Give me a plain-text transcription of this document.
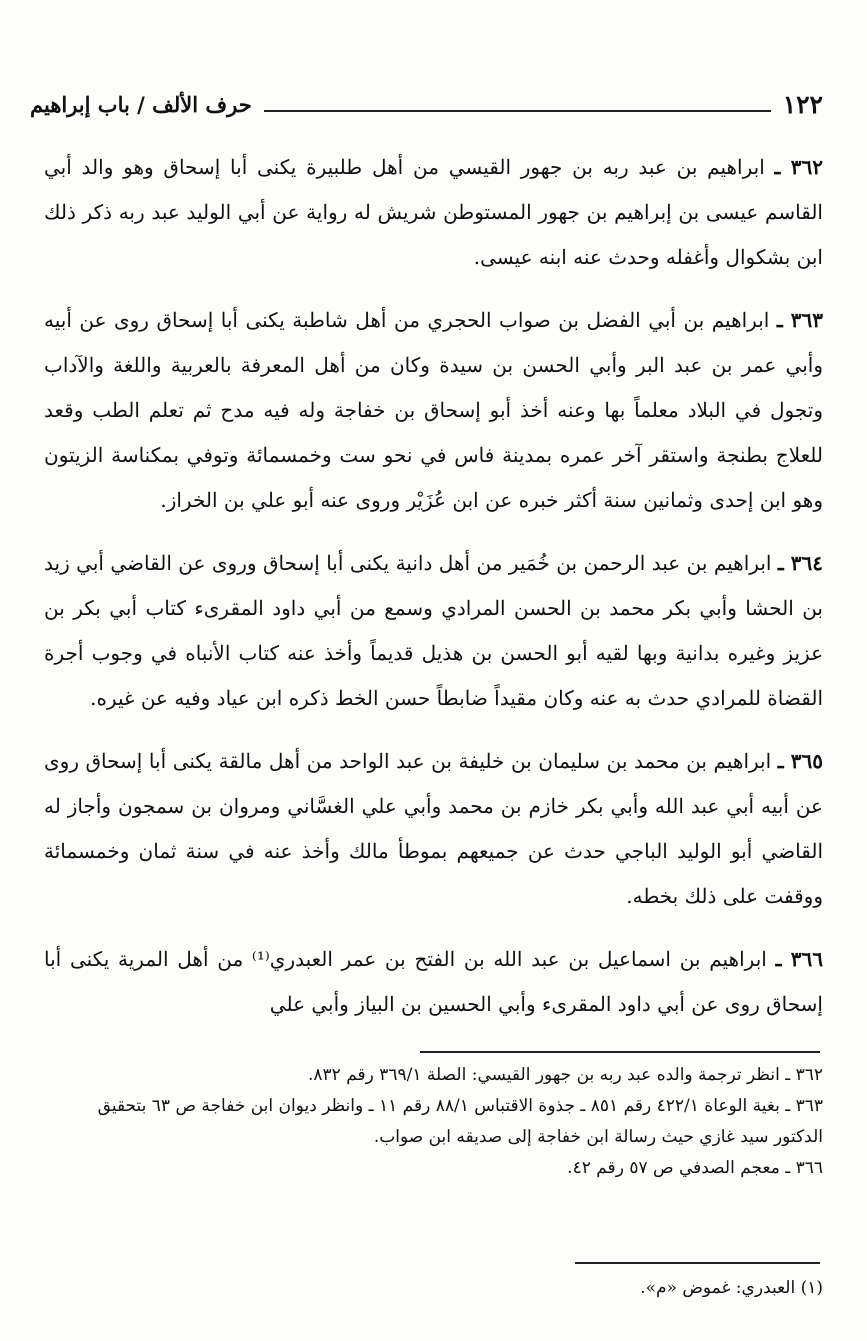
١٢٢
حرف الألف / باب إبراهيم

٣٦٢ ـ ابراهيم بن عبد ربه بن جهور القيسي من أهل طلبيرة يكنى أبا إسحاق وهو والد أبي القاسم عيسى بن إبراهيم بن جهور المستوطن شريش له رواية عن أبي الوليد عبد ربه ذكر ذلك ابن بشكوال وأغفله وحدث عنه ابنه عيسى.

٣٦٣ ـ ابراهيم بن أبي الفضل بن صواب الحجري من أهل شاطبة يكنى أبا إسحاق روى عن أبيه وأبي عمر بن عبد البر وأبي الحسن بن سيدة وكان من أهل المعرفة بالعربية واللغة والآداب وتجول في البلاد معلماً بها وعنه أخذ أبو إسحاق بن خفاجة وله فيه مدح ثم تعلم الطب وقعد للعلاج بطنجة واستقر آخر عمره بمدينة فاس في نحو ست وخمسمائة وتوفي بمكناسة الزيتون وهو ابن إحدى وثمانين سنة أكثر خبره عن ابن عُزَيْر وروى عنه أبو علي بن الخراز.

٣٦٤ ـ ابراهيم بن عبد الرحمن بن خُمَير من أهل دانية يكنى أبا إسحاق وروى عن القاضي أبي زيد بن الحشا وأبي بكر محمد بن الحسن المرادي وسمع من أبي داود المقرىء كتاب أبي بكر بن عزيز وغيره بدانية وبها لقيه أبو الحسن بن هذيل قديماً وأخذ عنه كتاب الأنباه في وجوب أجرة القضاة للمرادي حدث به عنه وكان مقيداً ضابطاً حسن الخط ذكره ابن عياد وفيه عن غيره.

٣٦٥ ـ ابراهيم بن محمد بن سليمان بن خليفة بن عبد الواحد من أهل مالقة يكنى أبا إسحاق روى عن أبيه أبي عبد الله وأبي بكر خازم بن محمد وأبي علي الغسَّاني ومروان بن سمجون وأجاز له القاضي أبو الوليد الباجي حدث عن جميعهم بموطأ مالك وأخذ عنه في سنة ثمان وخمسمائة ووقفت على ذلك بخطه.

٣٦٦ ـ ابراهيم بن اسماعيل بن عبد الله بن الفتح بن عمر العبدري⁽¹⁾ من أهل المرية يكنى أبا إسحاق روى عن أبي داود المقرىء وأبي الحسين بن البياز وأبي علي

٣٦٢ ـ انظر ترجمة والده عبد ربه بن جهور القيسي: الصلة ٣٦٩/١ رقم ٨٣٢.

٣٦٣ ـ بغية الوعاة ٤٢٢/١ رقم ٨٥١ ـ جذوة الاقتباس ٨٨/١ رقم ١١ ـ وانظر ديوان ابن خفاجة ص ٦٣ بتحقيق الدكتور سيد غازي حيث رسالة ابن خفاجة إلى صديقه ابن صواب.

٣٦٦ ـ معجم الصدفي ص ٥٧ رقم ٤٢.

(١) العبدري: غموض «م».
